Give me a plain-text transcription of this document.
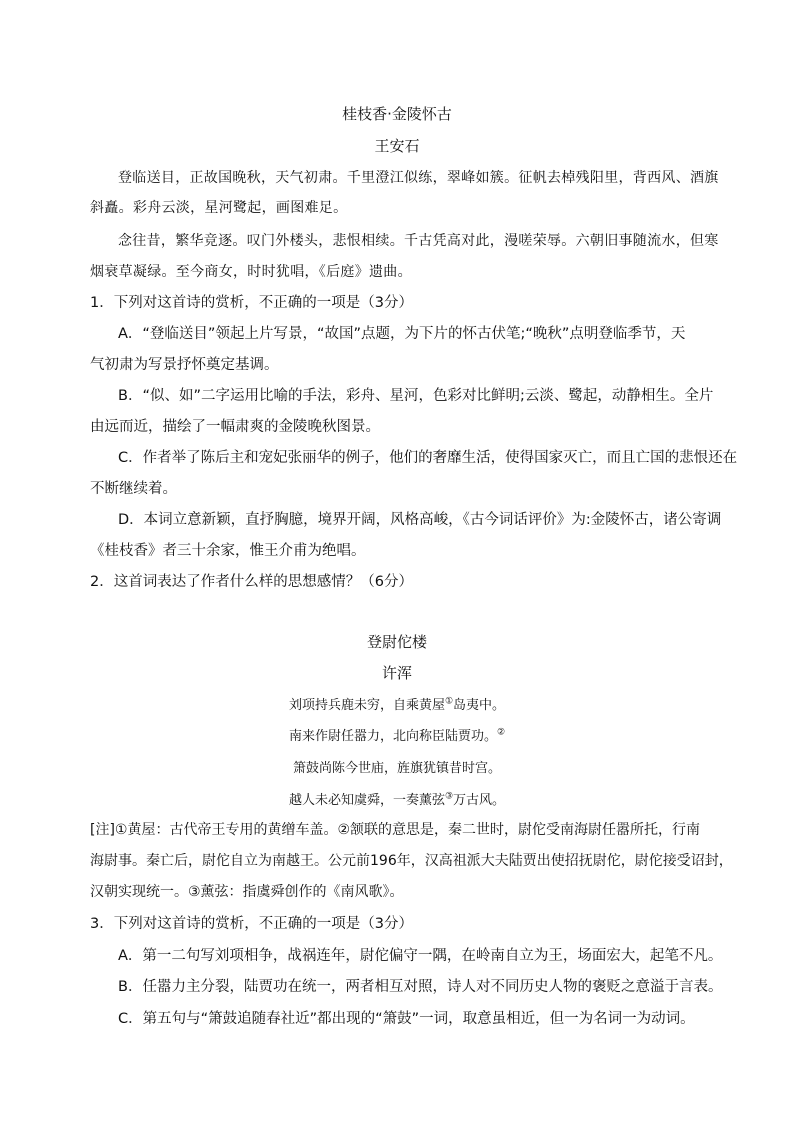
桂枝香·金陵怀古
王安石
登临送目，正故国晚秋，天气初肃。千里澄江似练，翠峰如簇。征帆去棹残阳里，背西风、酒旗
斜矗。彩舟云淡，星河鹭起，画图难足。
念往昔，繁华竞逐。叹门外楼头，悲恨相续。千古凭高对此，漫嗟荣辱。六朝旧事随流水，但寒
烟衰草凝绿。至今商女，时时犹唱，《后庭》遗曲。
1．下列对这首诗的赏析，不正确的一项是（3分）
A．“登临送目”领起上片写景，“故国”点题，为下片的怀古伏笔;“晚秋”点明登临季节，天
气初肃为写景抒怀奠定基调。
B．“似、如”二字运用比喻的手法，彩舟、星河，色彩对比鲜明;云淡、鹭起，动静相生。全片
由远而近，描绘了一幅肃爽的金陵晚秋图景。
C．作者举了陈后主和宠妃张丽华的例子，他们的奢靡生活，使得国家灭亡，而且亡国的悲恨还在
不断继续着。
D．本词立意新颖，直抒胸臆，境界开阔，风格高峻，《古今词话评价》为:金陵怀古，诸公寄调
《桂枝香》者三十余家，惟王介甫为绝唱。
2．这首词表达了作者什么样的思想感情？（6分）
登尉佗楼
许浑
刘项持兵鹿未穷，自乘黄屋①岛夷中。
南来作尉任嚣力，北向称臣陆贾功。②
箫鼓尚陈今世庙，旌旗犹镇昔时宫。
越人未必知虞舜，一奏薰弦③万古风。
[注]①黄屋：古代帝王专用的黄缯车盖。②颔联的意思是，秦二世时，尉佗受南海尉任嚣所托，行南
海尉事。秦亡后，尉佗自立为南越王。公元前196年，汉高祖派大夫陆贾出使招抚尉佗，尉佗接受诏封，
汉朝实现统一。③薰弦：指虞舜创作的《南风歌》。
3．下列对这首诗的赏析，不正确的一项是（3分）
A．第一二句写刘项相争，战祸连年，尉佗偏守一隅，在岭南自立为王，场面宏大，起笔不凡。
B．任嚣力主分裂，陆贾功在统一，两者相互对照，诗人对不同历史人物的褒贬之意溢于言表。
C．第五句与“箫鼓追随春社近”都出现的“箫鼓”一词，取意虽相近，但一为名词一为动词。
